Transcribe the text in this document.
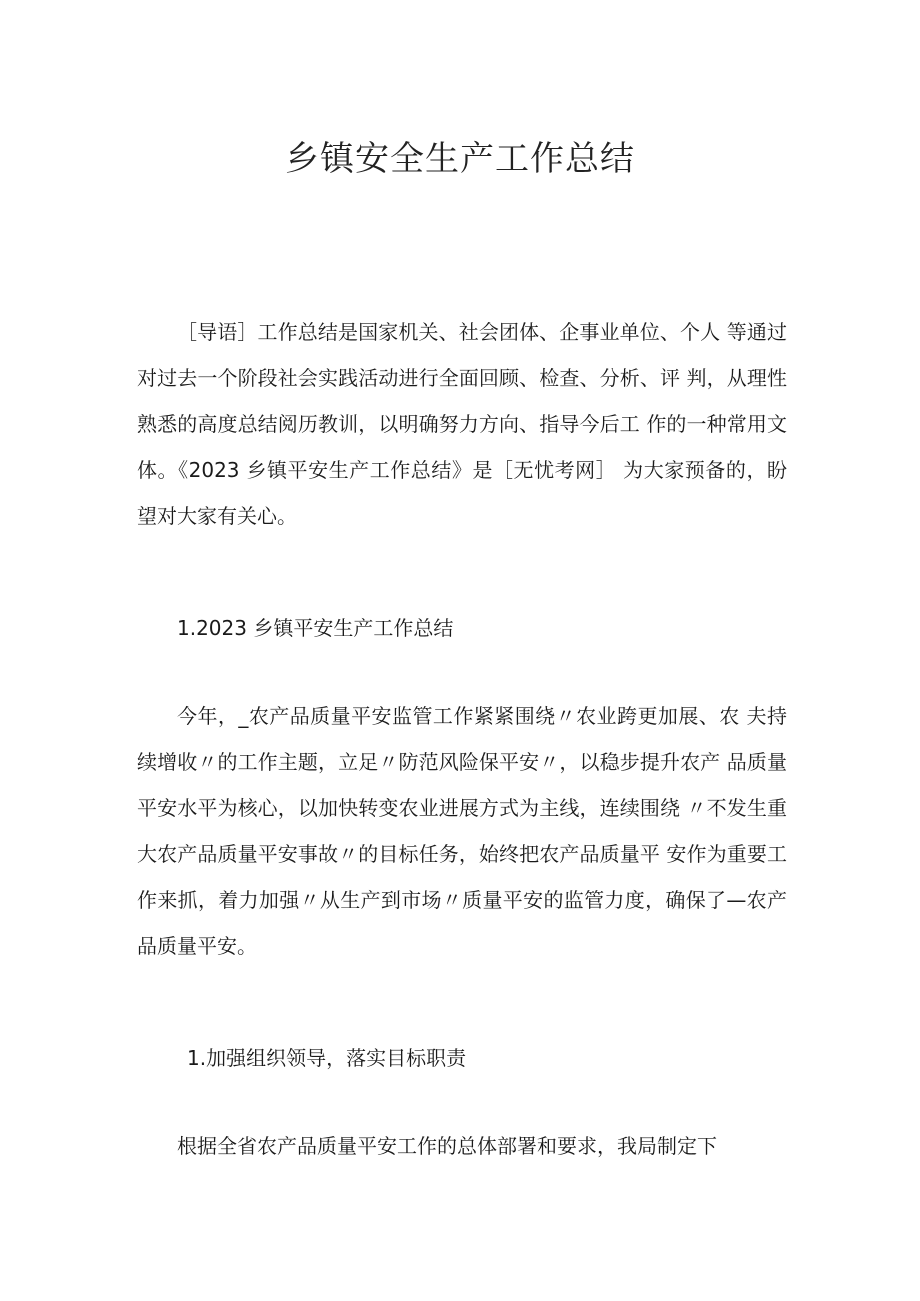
乡镇安全生产工作总结

［导语］工作总结是国家机关、社会团体、企事业单位、个人 等通过对过去一个阶段社会实践活动进行全面回顾、检查、分析、评 判，从理性熟悉的高度总结阅历教训，以明确努力方向、指导今后工 作的一种常用文体。《2023 乡镇平安生产工作总结》是［无忧考网］ 为大家预备的，盼望对大家有关心。

1.2023 乡镇平安生产工作总结

今年，_农产品质量平安监管工作紧紧围绕〃农业跨更加展、农 夫持续增收〃的工作主题，立足〃防范风险保平安〃，以稳步提升农产 品质量平安水平为核心，以加快转变农业进展方式为主线，连续围绕 〃不发生重大农产品质量平安事故〃的目标任务，始终把农产品质量平 安作为重要工作来抓，着力加强〃从生产到市场〃质量平安的监管力度，确保了—农产品质量平安。

1.加强组织领导，落实目标职责

根据全省农产品质量平安工作的总体部署和要求，我局制定下
